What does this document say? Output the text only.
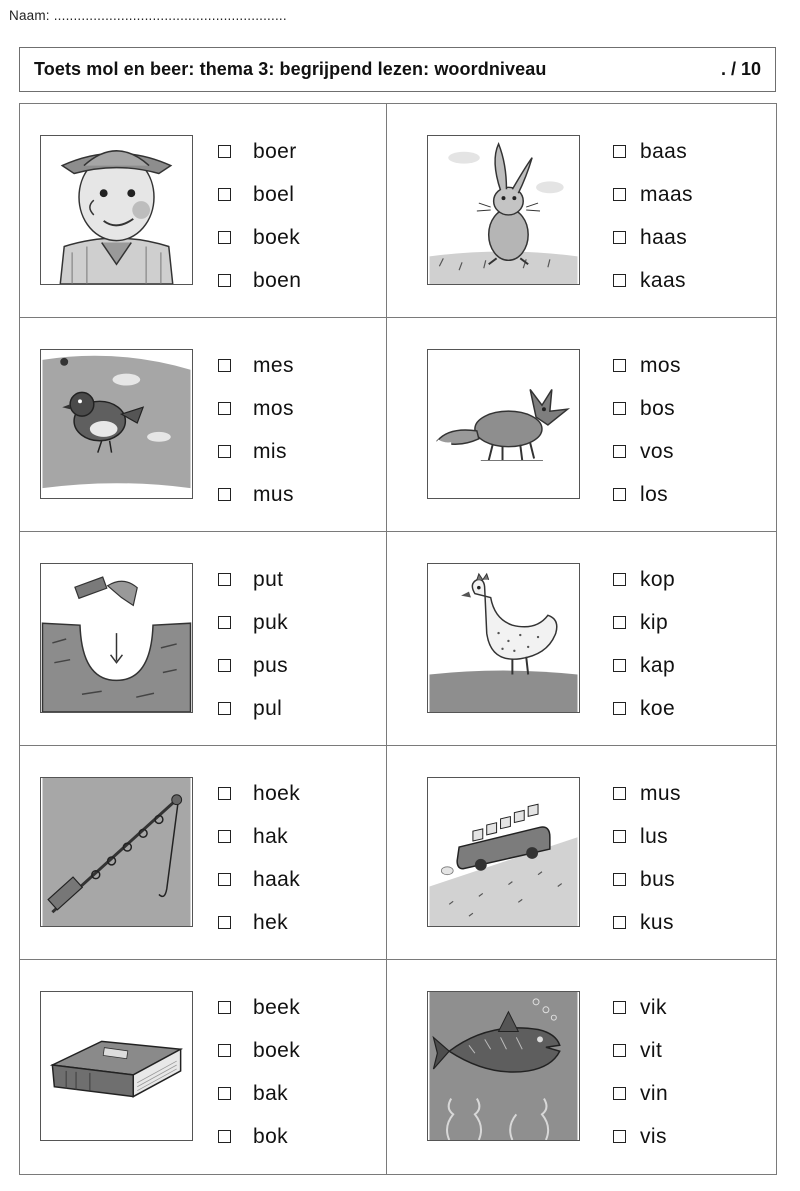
Naam: ...........................................................
Toets mol en beer: thema 3: begrijpend lezen: woordniveau	. / 10
boer
boel
boek
boen
baas
maas
haas
kaas
mes
mos
mis
mus
mos
bos
vos
los
put
puk
pus
pul
kop
kip
kap
koe
hoek
hak
haak
hek
mus
lus
bus
kus
beek
boek
bak
bok
vik
vit
vin
vis
